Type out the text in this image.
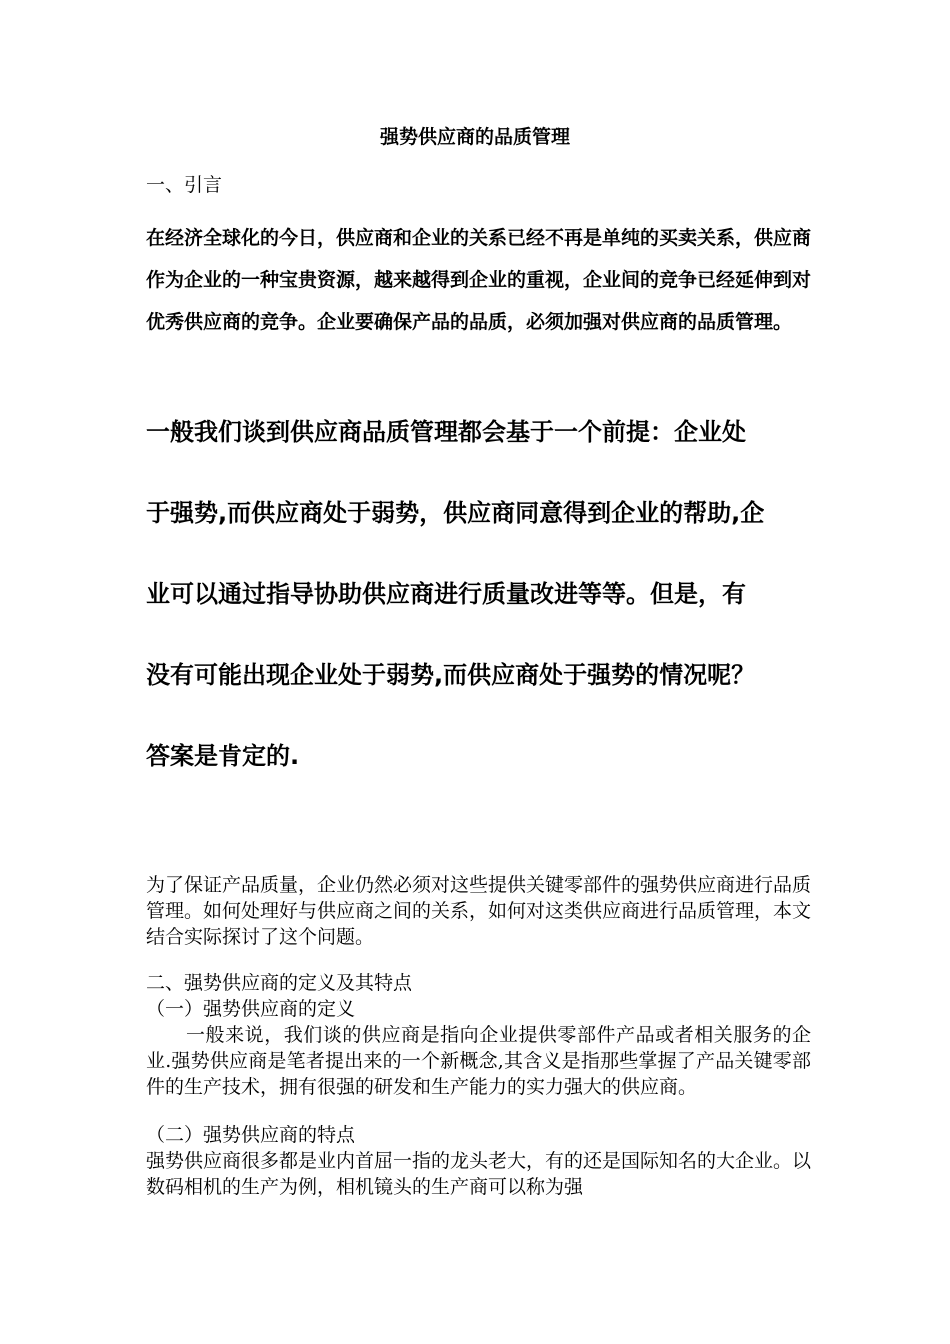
强势供应商的品质管理
一、引言
在经济全球化的今日，供应商和企业的关系已经不再是单纯的买卖关系，供应商作为企业的一种宝贵资源，越来越得到企业的重视，企业间的竞争已经延伸到对优秀供应商的竞争。企业要确保产品的品质，必须加强对供应商的品质管理。
一般我们谈到供应商品质管理都会基于一个前提：企业处
于强势,而供应商处于弱势，供应商同意得到企业的帮助,企
业可以通过指导协助供应商进行质量改进等等。但是，有
没有可能出现企业处于弱势,而供应商处于强势的情况呢？
答案是肯定的.
为了保证产品质量，企业仍然必须对这些提供关键零部件的强势供应商进行品质管理。如何处理好与供应商之间的关系，如何对这类供应商进行品质管理，本文结合实际探讨了这个问题。
二、强势供应商的定义及其特点
（一）强势供应商的定义
一般来说，我们谈的供应商是指向企业提供零部件产品或者相关服务的企业.强势供应商是笔者提出来的一个新概念,其含义是指那些掌握了产品关键零部件的生产技术，拥有很强的研发和生产能力的实力强大的供应商。
（二）强势供应商的特点
强势供应商很多都是业内首屈一指的龙头老大，有的还是国际知名的大企业。以数码相机的生产为例，相机镜头的生产商可以称为强
